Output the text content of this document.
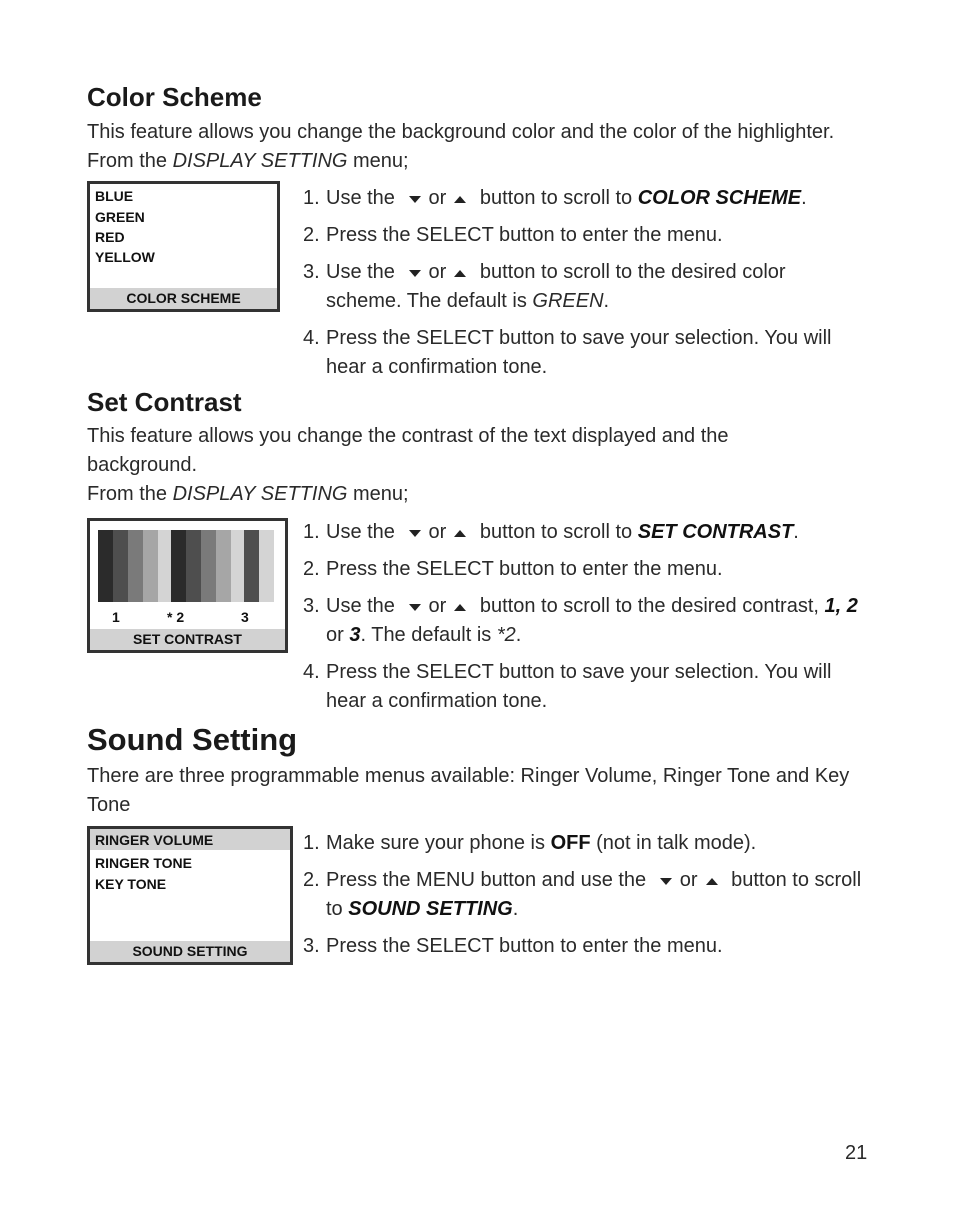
Color Scheme

This feature allows you change the background color and the color of the highlighter.
From the DISPLAY SETTING menu;

BLUE
GREEN
RED
YELLOW
COLOR SCHEME
1. Use the or button to scroll to COLOR SCHEME.
2. Press the SELECT button to enter the menu.
3. Use the or button to scroll to the desired color scheme. The default is GREEN.
4. Press the SELECT button to save your selection. You will hear a confirmation tone.
Set Contrast

This feature allows you change the contrast of the text displayed and the
background.
From the DISPLAY SETTING menu;

1	* 2	3
SET CONTRAST
1. Use the or button to scroll to SET CONTRAST.
2. Press the SELECT button to enter the menu.
3. Use the or button to scroll to the desired contrast, 1, 2 or 3. The default is *2.
4. Press the SELECT button to save your selection. You will hear a confirmation tone.
Sound Setting

There are three programmable menus available: Ringer Volume, Ringer Tone and Key Tone

RINGER VOLUME
RINGER TONE
KEY TONE
SOUND SETTING
1. Make sure your phone is OFF (not in talk mode).
2. Press the MENU button and use the or button to scroll to SOUND SETTING.
3. Press the SELECT button to enter the menu.
21
